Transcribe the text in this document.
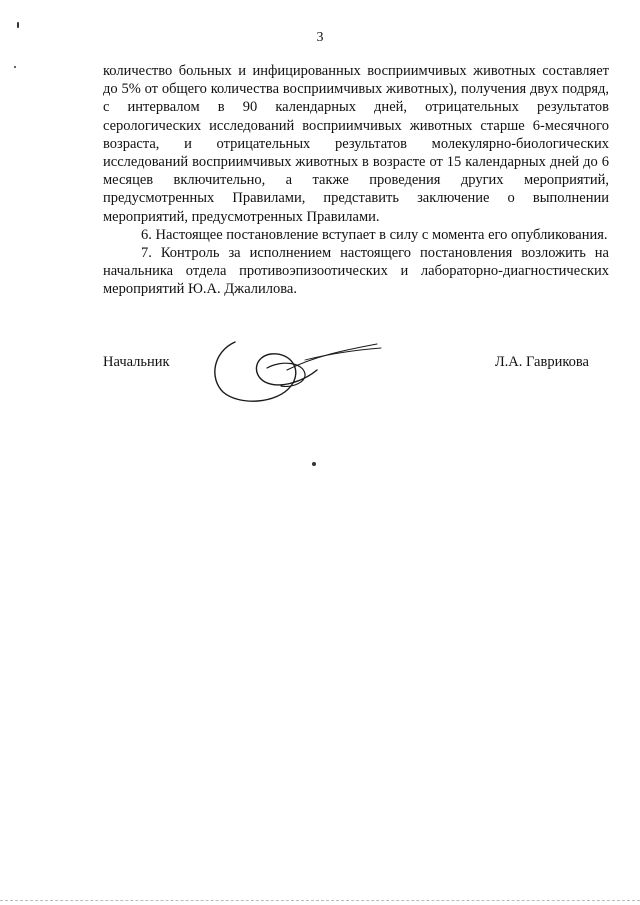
3

количество больных и инфицированных восприимчивых животных составляет до 5% от общего количества восприимчивых животных), получения двух подряд, с интервалом в 90 календарных дней, отрицательных результатов серологических исследований восприимчивых животных старше 6-месячного возраста, и отрицательных результатов молекулярно-биологических исследований восприимчивых животных в возрасте от 15 календарных дней до 6 месяцев включительно, а также проведения других мероприятий, предусмотренных Правилами, представить заключение о выполнении мероприятий, предусмотренных Правилами.

6. Настоящее постановление вступает в силу с момента его опубликования.

7. Контроль за исполнением настоящего постановления возложить на начальника отдела противоэпизоотических и лабораторно-диагностических мероприятий Ю.А. Джалилова.

Начальник	Л.А. Гаврикова
